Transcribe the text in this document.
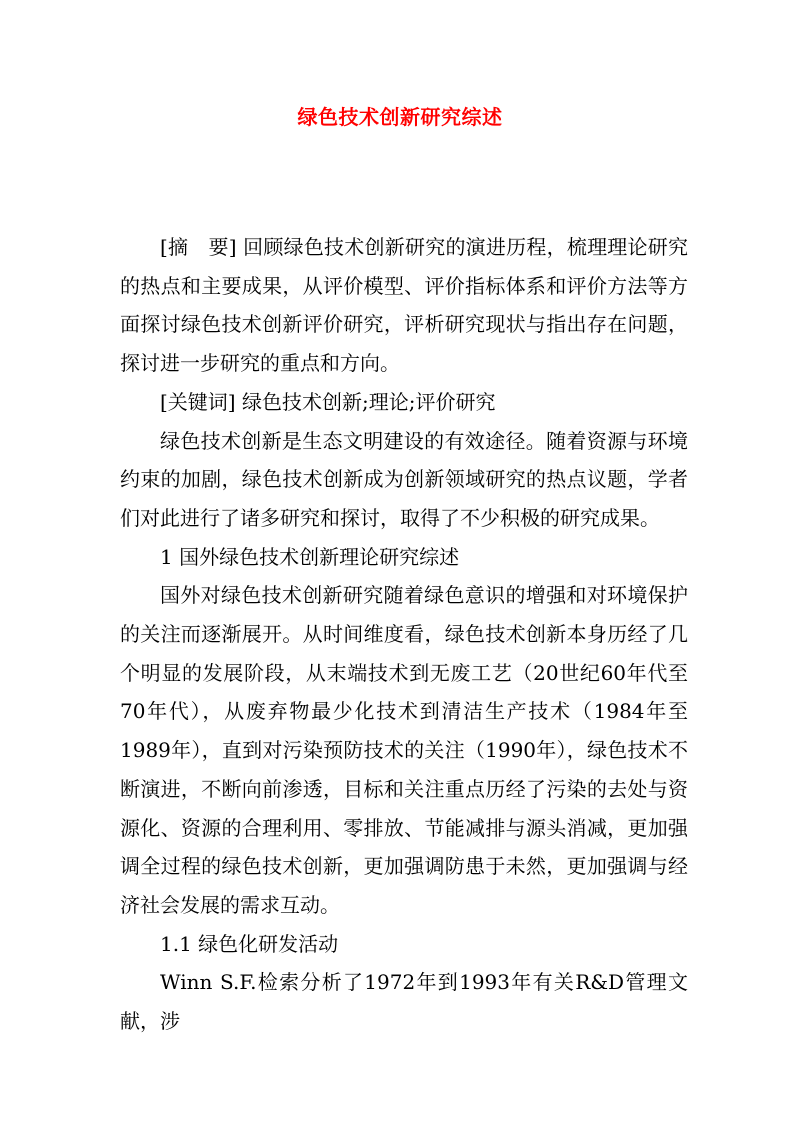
绿色技术创新研究综述

[摘　要] 回顾绿色技术创新研究的演进历程，梳理理论研究的热点和主要成果，从评价模型、评价指标体系和评价方法等方面探讨绿色技术创新评价研究，评析研究现状与指出存在问题，探讨进一步研究的重点和方向。

[关键词] 绿色技术创新;理论;评价研究

绿色技术创新是生态文明建设的有效途径。随着资源与环境约束的加剧，绿色技术创新成为创新领域研究的热点议题，学者们对此进行了诸多研究和探讨，取得了不少积极的研究成果。

1 国外绿色技术创新理论研究综述

国外对绿色技术创新研究随着绿色意识的增强和对环境保护的关注而逐渐展开。从时间维度看，绿色技术创新本身历经了几个明显的发展阶段，从末端技术到无废工艺（20世纪60年代至70年代），从废弃物最少化技术到清洁生产技术（1984年至1989年），直到对污染预防技术的关注（1990年），绿色技术不断演进，不断向前渗透，目标和关注重点历经了污染的去处与资源化、资源的合理利用、零排放、节能减排与源头消减，更加强调全过程的绿色技术创新，更加强调防患于未然，更加强调与经济社会发展的需求互动。

1.1 绿色化研发活动

Winn S.F.检索分析了1972年到1993年有关R&D管理文献，涉
